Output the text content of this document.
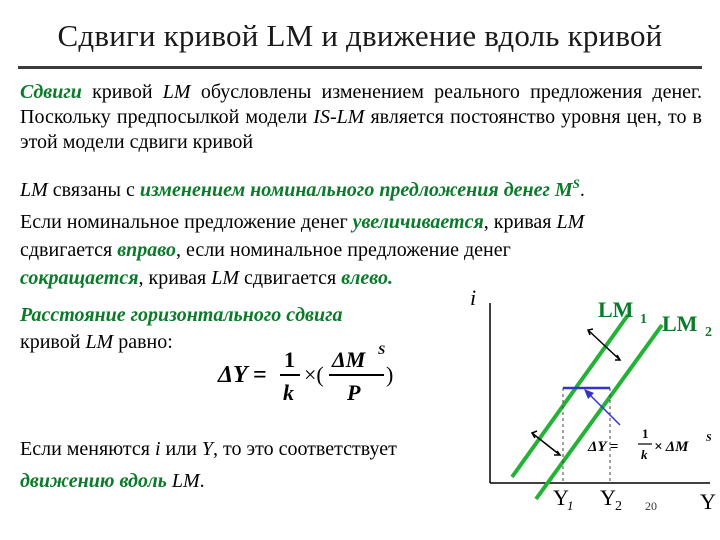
Сдвиги кривой LM и движение вдоль кривой
Сдвиги кривой LM обусловлены изменением реального предложения денег. Поскольку предпосылкой модели IS-LM является постоянство уровня цен, то в этой модели сдвиги кривой
LM связаны с изменением номинального предложения денег $M^S$.
Если номинальное предложение денег увеличивается, кривая LM
сдвигается вправо, если номинальное предложение денег
сокращается, кривая LM сдвигается влево.
Расстояние горизонтального сдвига
кривой LM равно:
ΔY =
1
k
×(
ΔM S
P
)
Если меняются i или Y, то это соответствует
движению вдоль LM.
ΔY =
1
k × ΔM
S
i
Y
LM 1 LM 2
Y
1 Y 2 20
